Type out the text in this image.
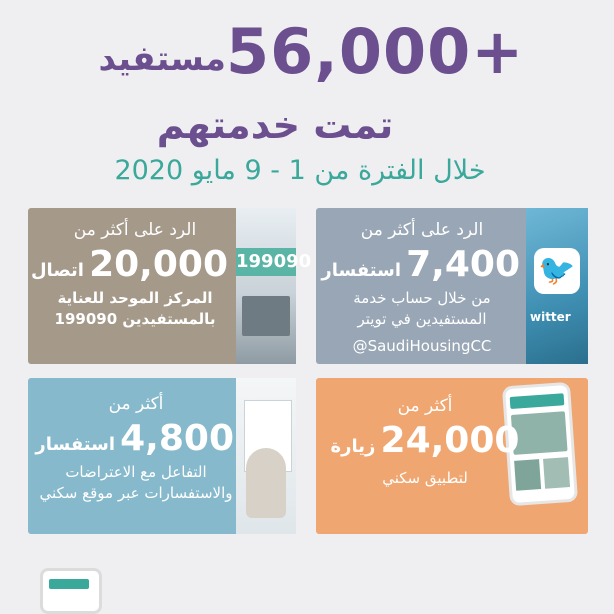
56,000+
مستفيد
تمت خدمتهم
خلال الفترة من 1 - 9 مايو 2020
199090
الرد على أكثر من
20,000 اتصال
المركز الموحد للعناية
بالمستفيدين 199090
🐦
witter
الرد على أكثر من
7,400 استفسار
من خلال حساب خدمة
المستفيدين في تويتر
@SaudiHousingCC
أكثر من
4,800 استفسار
التفاعل مع الاعتراضات
والاستفسارات عبر موقع سكني
أكثر من
24,000 زيارة
لتطبيق سكني
